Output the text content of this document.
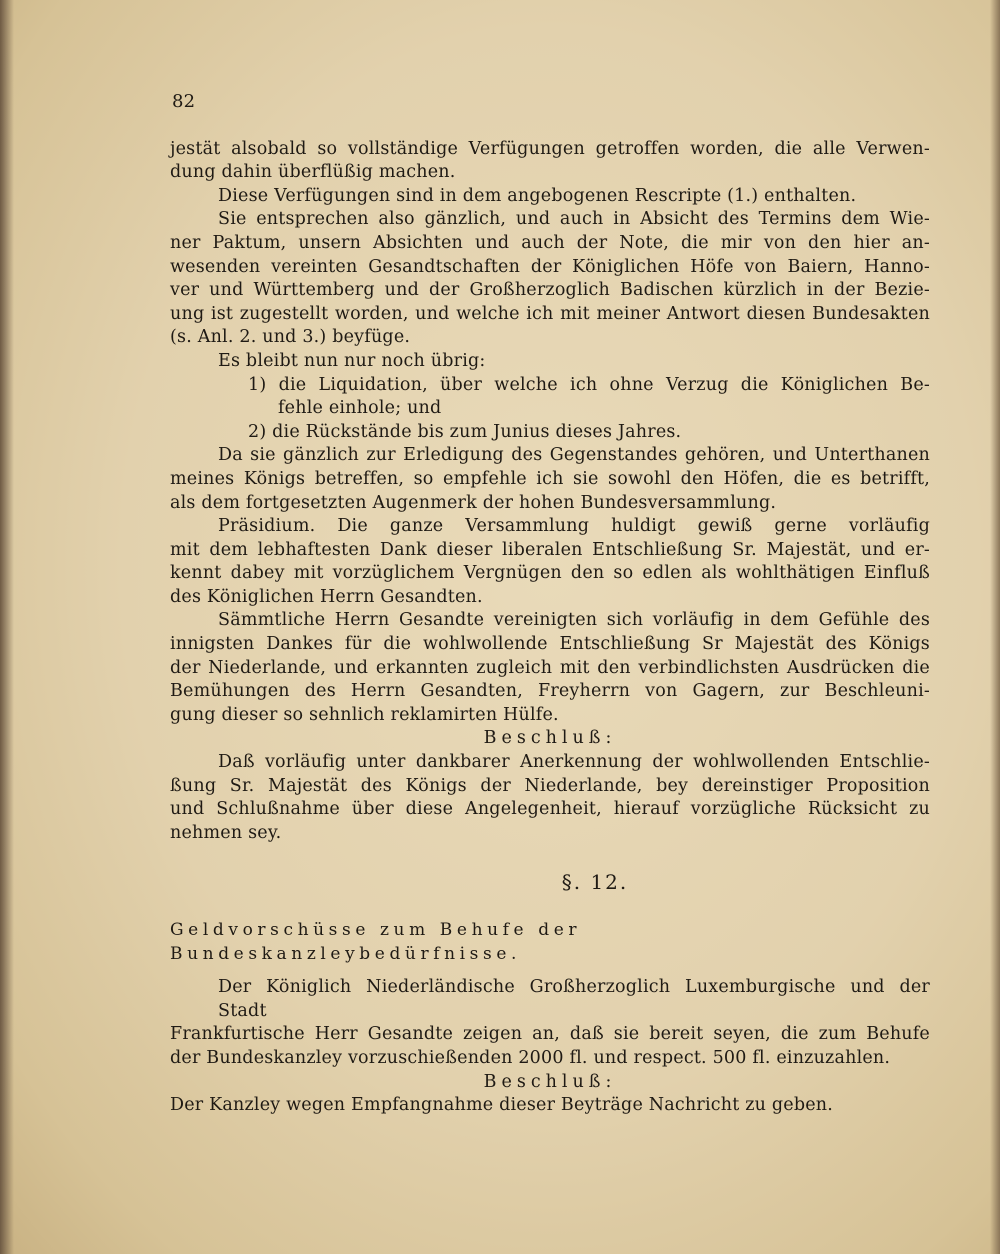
82
jestät alsobald so vollständige Verfügungen getroffen worden, die alle Verwen-
dung dahin überflüßig machen.
Diese Verfügungen sind in dem angebogenen Rescripte (1.) enthalten.
Sie entsprechen also gänzlich, und auch in Absicht des Termins dem Wie-
ner Paktum, unsern Absichten und auch der Note, die mir von den hier an-
wesenden vereinten Gesandtschaften der Königlichen Höfe von Baiern, Hanno-
ver und Württemberg und der Großherzoglich Badischen kürzlich in der Bezie-
ung ist zugestellt worden, und welche ich mit meiner Antwort diesen Bundesakten
(s. Anl. 2. und 3.) beyfüge.
Es bleibt nun nur noch übrig:
1) die Liquidation, über welche ich ohne Verzug die Königlichen Be-
fehle einhole; und
2) die Rückstände bis zum Junius dieses Jahres.
Da sie gänzlich zur Erledigung des Gegenstandes gehören, und Unterthanen
meines Königs betreffen, so empfehle ich sie sowohl den Höfen, die es betrifft,
als dem fortgesetzten Augenmerk der hohen Bundesversammlung.
Präsidium. Die ganze Versammlung huldigt gewiß gerne vorläufig
mit dem lebhaftesten Dank dieser liberalen Entschließung Sr. Majestät, und er-
kennt dabey mit vorzüglichem Vergnügen den so edlen als wohlthätigen Einfluß
des Königlichen Herrn Gesandten.
Sämmtliche Herrn Gesandte vereinigten sich vorläufig in dem Gefühle des
innigsten Dankes für die wohlwollende Entschließung Sr Majestät des Königs
der Niederlande, und erkannten zugleich mit den verbindlichsten Ausdrücken die
Bemühungen des Herrn Gesandten, Freyherrn von Gagern, zur Beschleuni-
gung dieser so sehnlich reklamirten Hülfe.
Beschluß:
Daß vorläufig unter dankbarer Anerkennung der wohlwollenden Entschlie-
ßung Sr. Majestät des Königs der Niederlande, bey dereinstiger Proposition
und Schlußnahme über diese Angelegenheit, hierauf vorzügliche Rücksicht zu
nehmen sey.
§. 12.
Geldvorschüsse zum Behufe der Bundeskanzleybedürfnisse.
Der Königlich Niederländische Großherzoglich Luxemburgische und der Stadt
Frankfurtische Herr Gesandte zeigen an, daß sie bereit seyen, die zum Behufe
der Bundeskanzley vorzuschießenden 2000 fl. und respect. 500 fl. einzuzahlen.
Beschluß:
Der Kanzley wegen Empfangnahme dieser Beyträge Nachricht zu geben.
